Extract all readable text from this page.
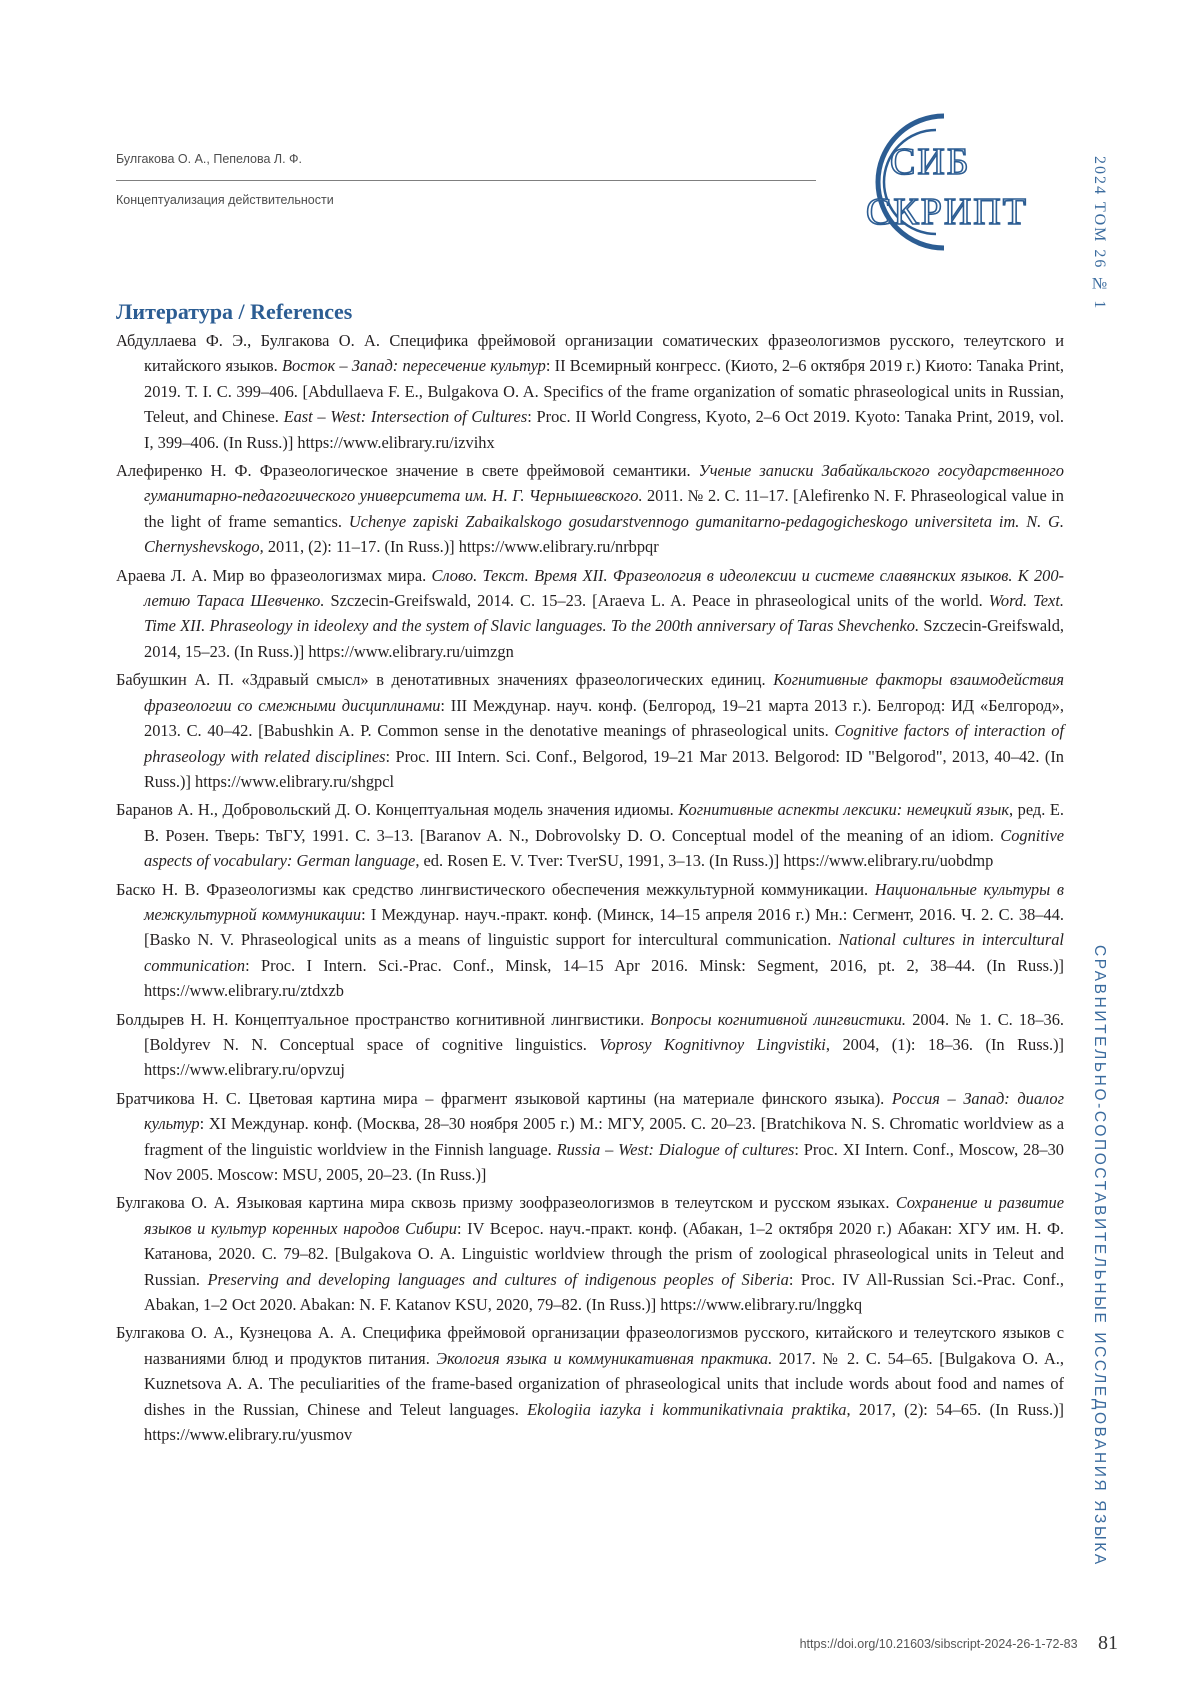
Булгакова О. А., Пепелова Л. Ф.
Концептуализация действительности
СИБ
СКРИПТ	2024 ТОМ 26 № 1
СРАВНИТЕЛЬНО-СОПОСТАВИТЕЛЬНЫЕ ИССЛЕДОВАНИЯ ЯЗЫКА
Литература / References

Абдуллаева Ф. Э., Булгакова О. А. Специфика фреймовой организации соматических фразеологизмов русского, телеутского и китайского языков. Восток – Запад: пересечение культур: II Всемирный конгресс. (Киото, 2–6 октября 2019 г.) Киото: Tanaka Print, 2019. Т. I. С. 399–406. [Abdullaeva F. E., Bulgakova O. A. Specifics of the frame organization of somatic phraseological units in Russian, Teleut, and Chinese. East – West: Intersection of Cultures: Proc. II World Congress, Kyoto, 2–6 Oct 2019. Kyoto: Tanaka Print, 2019, vol. I, 399–406. (In Russ.)] https://www.elibrary.ru/izvihx

Алефиренко Н. Ф. Фразеологическое значение в свете фреймовой семантики. Ученые записки Забайкальского государственного гуманитарно-педагогического университета им. Н. Г. Чернышевского. 2011. № 2. С. 11–17. [Alefirenko N. F. Phraseological value in the light of frame semantics. Uchenye zapiski Zabaikalskogo gosudarstvennogo gumanitarno-pedagogicheskogo universiteta im. N. G. Chernyshevskogo, 2011, (2): 11–17. (In Russ.)] https://www.elibrary.ru/nrbpqr

Араева Л. А. Мир во фразеологизмах мира. Слово. Текст. Время XII. Фразеология в идеолексии и системе славянских языков. К 200-летию Тараса Шевченко. Szczecin-Greifswald, 2014. С. 15–23. [Araeva L. A. Peace in phraseological units of the world. Word. Text. Time XII. Phraseology in ideolexy and the system of Slavic languages. To the 200th anniversary of Taras Shevchenko. Szczecin-Greifswald, 2014, 15–23. (In Russ.)] https://www.elibrary.ru/uimzgn

Бабушкин А. П. «Здравый смысл» в денотативных значениях фразеологических единиц. Когнитивные факторы взаимодействия фразеологии со смежными дисциплинами: III Междунар. науч. конф. (Белгород, 19–21 марта 2013 г.). Белгород: ИД «Белгород», 2013. С. 40–42. [Babushkin A. P. Common sense in the denotative meanings of phraseological units. Cognitive factors of interaction of phraseology with related disciplines: Proc. III Intern. Sci. Conf., Belgorod, 19–21 Mar 2013. Belgorod: ID "Belgorod", 2013, 40–42. (In Russ.)] https://www.elibrary.ru/shgpcl

Баранов А. Н., Добровольский Д. О. Концептуальная модель значения идиомы. Когнитивные аспекты лексики: немецкий язык, ред. Е. В. Розен. Тверь: ТвГУ, 1991. С. 3–13. [Baranov A. N., Dobrovolsky D. O. Conceptual model of the meaning of an idiom. Cognitive aspects of vocabulary: German language, ed. Rosen E. V. Tver: TverSU, 1991, 3–13. (In Russ.)] https://www.elibrary.ru/uobdmp

Баско Н. В. Фразеологизмы как средство лингвистического обеспечения межкультурной коммуникации. Национальные культуры в межкультурной коммуникации: I Междунар. науч.-практ. конф. (Минск, 14–15 апреля 2016 г.) Мн.: Сегмент, 2016. Ч. 2. С. 38–44. [Basko N. V. Phraseological units as a means of linguistic support for intercultural communication. National cultures in intercultural communication: Proc. I Intern. Sci.-Prac. Conf., Minsk, 14–15 Apr 2016. Minsk: Segment, 2016, pt. 2, 38–44. (In Russ.)] https://www.elibrary.ru/ztdxzb

Болдырев Н. Н. Концептуальное пространство когнитивной лингвистики. Вопросы когнитивной лингвистики. 2004. № 1. С. 18–36. [Boldyrev N. N. Conceptual space of cognitive linguistics. Voprosy Kognitivnoy Lingvistiki, 2004, (1): 18–36. (In Russ.)] https://www.elibrary.ru/opvzuj

Братчикова Н. С. Цветовая картина мира – фрагмент языковой картины (на материале финского языка). Россия – Запад: диалог культур: XI Междунар. конф. (Москва, 28–30 ноября 2005 г.) М.: МГУ, 2005. С. 20–23. [Bratchikova N. S. Chromatic worldview as a fragment of the linguistic worldview in the Finnish language. Russia – West: Dialogue of cultures: Proc. XI Intern. Conf., Moscow, 28–30 Nov 2005. Moscow: MSU, 2005, 20–23. (In Russ.)]

Булгакова О. А. Языковая картина мира сквозь призму зоофразеологизмов в телеутском и русском языках. Сохранение и развитие языков и культур коренных народов Сибири: IV Всерос. науч.-практ. конф. (Абакан, 1–2 октября 2020 г.) Абакан: ХГУ им. Н. Ф. Катанова, 2020. С. 79–82. [Bulgakova O. A. Linguistic worldview through the prism of zoological phraseological units in Teleut and Russian. Preserving and developing languages and cultures of indigenous peoples of Siberia: Proc. IV All-Russian Sci.-Prac. Conf., Abakan, 1–2 Oct 2020. Abakan: N. F. Katanov KSU, 2020, 79–82. (In Russ.)] https://www.elibrary.ru/lnggkq

Булгакова О. А., Кузнецова А. А. Специфика фреймовой организации фразеологизмов русского, китайского и телеутского языков с названиями блюд и продуктов питания. Экология языка и коммуникативная практика. 2017. № 2. С. 54–65. [Bulgakova O. A., Kuznetsova A. A. The peculiarities of the frame-based organization of phraseological units that include words about food and names of dishes in the Russian, Chinese and Teleut languages. Ekologiia iazyka i kommunikativnaia praktika, 2017, (2): 54–65. (In Russ.)] https://www.elibrary.ru/yusmov

https://doi.org/10.21603/sibscript-2024-26-1-72-83 81
